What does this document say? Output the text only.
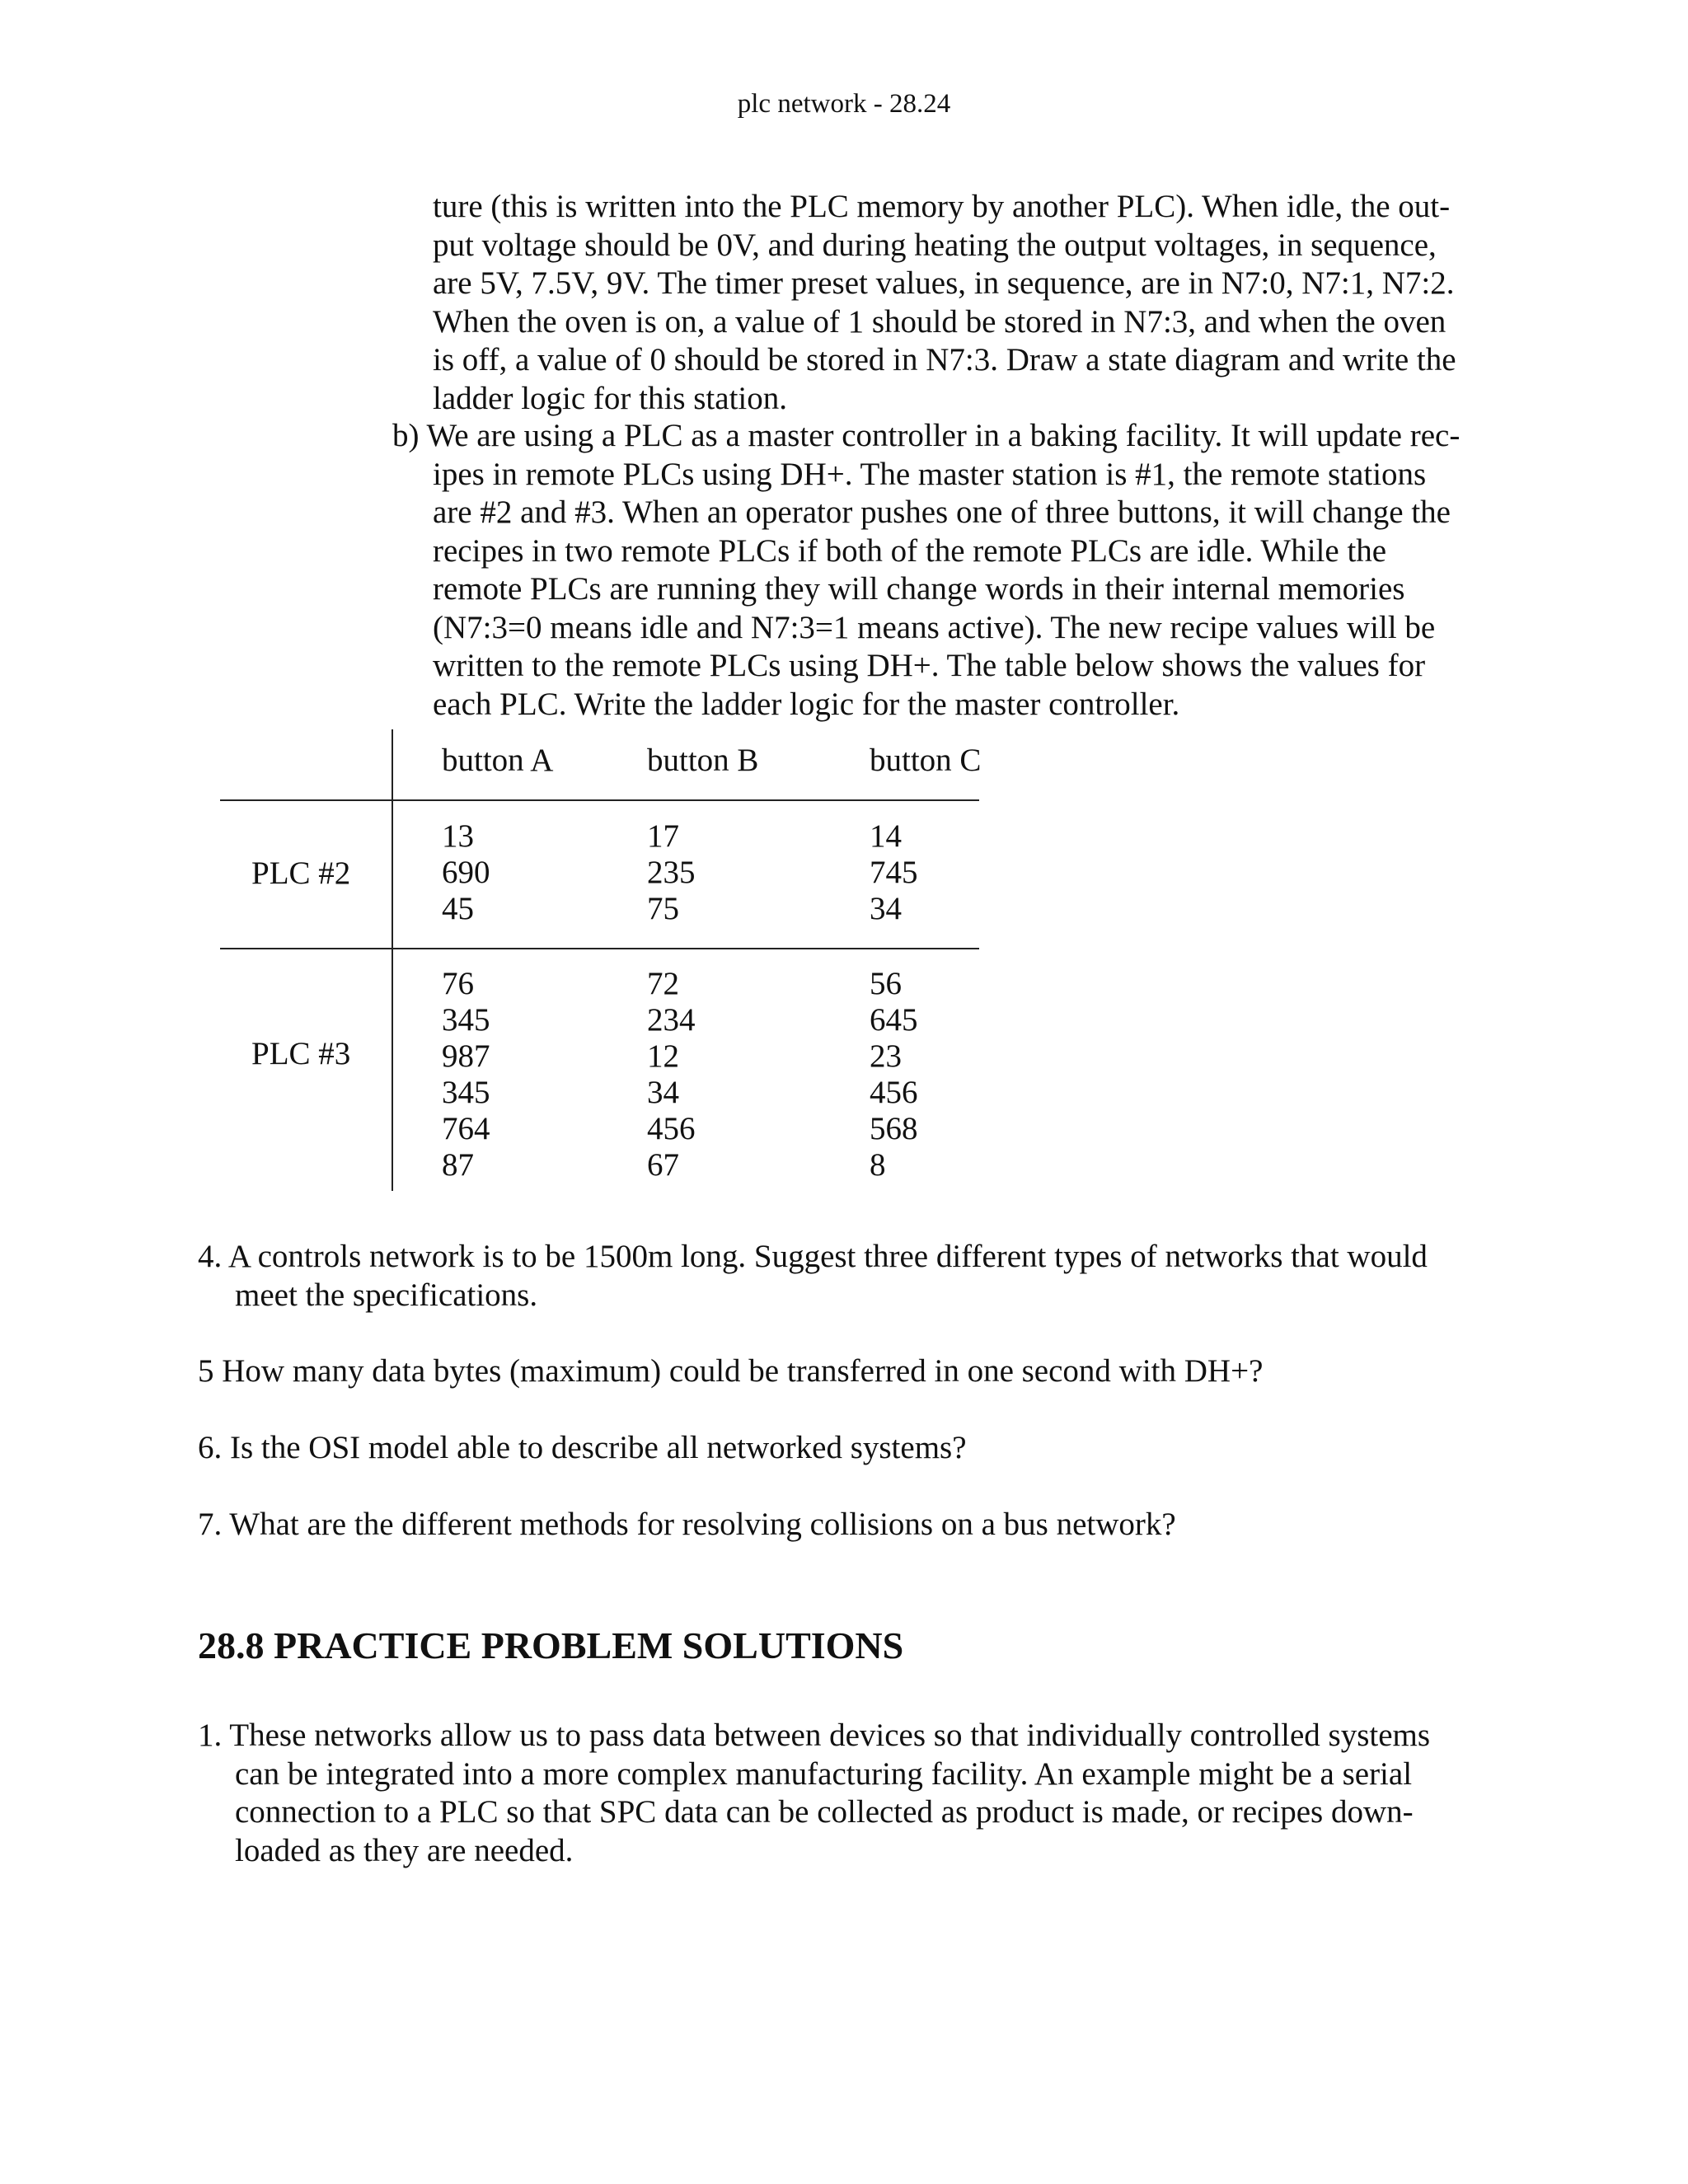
plc network - 28.24
ture (this is written into the PLC memory by another PLC). When idle, the out-
put voltage should be 0V, and during heating the output voltages, in sequence,
are 5V, 7.5V, 9V. The timer preset values, in sequence, are in N7:0, N7:1, N7:2.
When the oven is on, a value of 1 should be stored in N7:3, and when the oven
is off, a value of 0 should be stored in N7:3. Draw a state diagram and write the
ladder logic for this station.
b) We are using a PLC as a master controller in a baking facility. It will update rec-
ipes in remote PLCs using DH+. The master station is #1, the remote stations
are #2 and #3. When an operator pushes one of three buttons, it will change the
recipes in two remote PLCs if both of the remote PLCs are idle. While the
remote PLCs are running they will change words in their internal memories
(N7:3=0 means idle and N7:3=1 means active). The new recipe values will be
written to the remote PLCs using DH+. The table below shows the values for
each PLC. Write the ladder logic for the master controller.
button A	button B	button C
PLC #2
PLC #3
13
690
45
17
235
75
14
745
34
76
345
987
345
764
87
72
234
12
34
456
67
56
645
23
456
568
8
4. A controls network is to be 1500m long. Suggest three different types of networks that would
meet the specifications.
5 How many data bytes (maximum) could be transferred in one second with DH+?
6. Is the OSI model able to describe all networked systems?
7. What are the different methods for resolving collisions on a bus network?
28.8 PRACTICE PROBLEM SOLUTIONS
1. These networks allow us to pass data between devices so that individually controlled systems
can be integrated into a more complex manufacturing facility. An example might be a serial
connection to a PLC so that SPC data can be collected as product is made, or recipes down-
loaded as they are needed.
